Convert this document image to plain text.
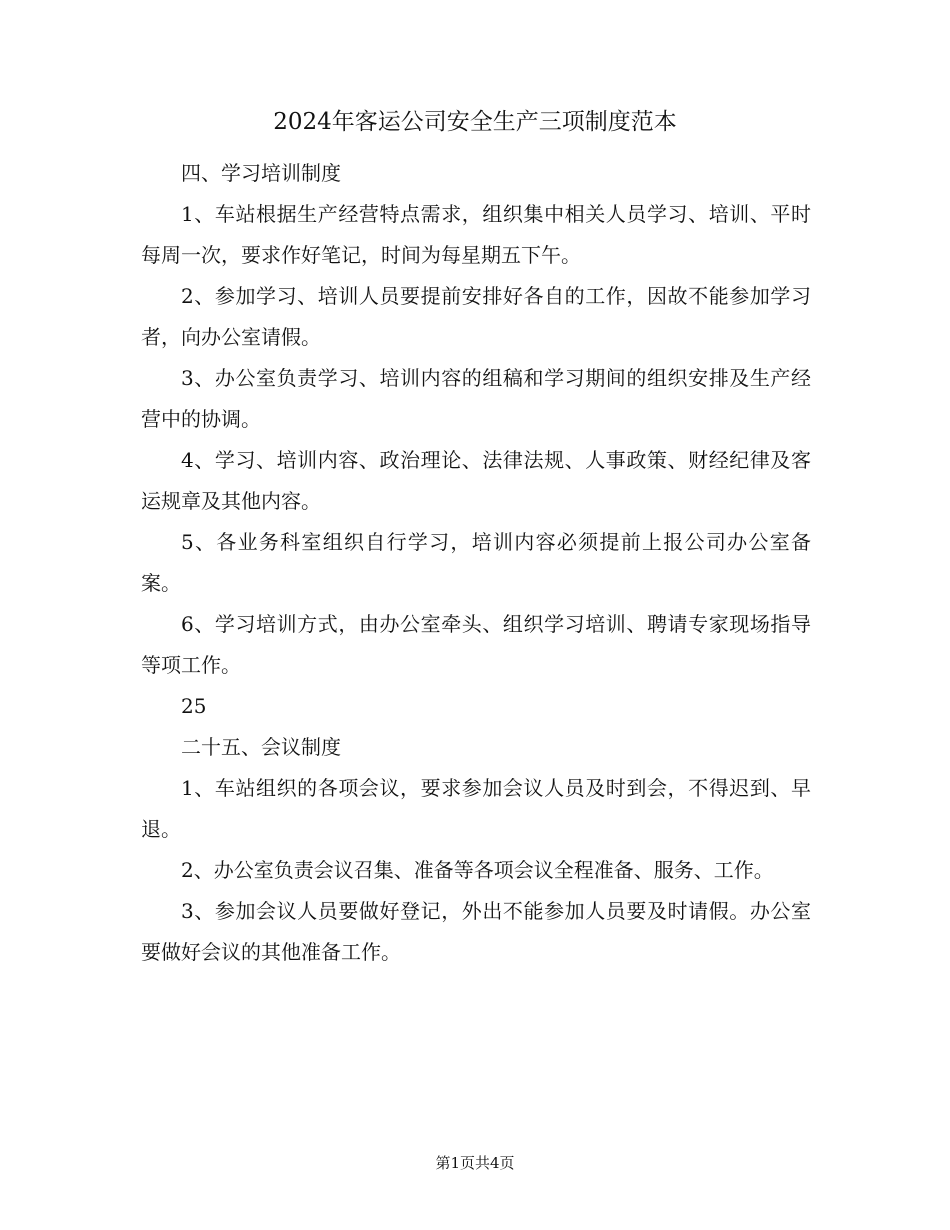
2024年客运公司安全生产三项制度范本

四、学习培训制度

1、车站根据生产经营特点需求，组织集中相关人员学习、培训、平时每周一次，要求作好笔记，时间为每星期五下午。

2、参加学习、培训人员要提前安排好各自的工作，因故不能参加学习者，向办公室请假。

3、办公室负责学习、培训内容的组稿和学习期间的组织安排及生产经营中的协调。

4、学习、培训内容、政治理论、法律法规、人事政策、财经纪律及客运规章及其他内容。

5、各业务科室组织自行学习，培训内容必须提前上报公司办公室备案。

6、学习培训方式，由办公室牵头、组织学习培训、聘请专家现场指导等项工作。

25

二十五、会议制度

1、车站组织的各项会议，要求参加会议人员及时到会，不得迟到、早退。

2、办公室负责会议召集、准备等各项会议全程准备、服务、工作。

3、参加会议人员要做好登记，外出不能参加人员要及时请假。办公室要做好会议的其他准备工作。

第1页共4页
